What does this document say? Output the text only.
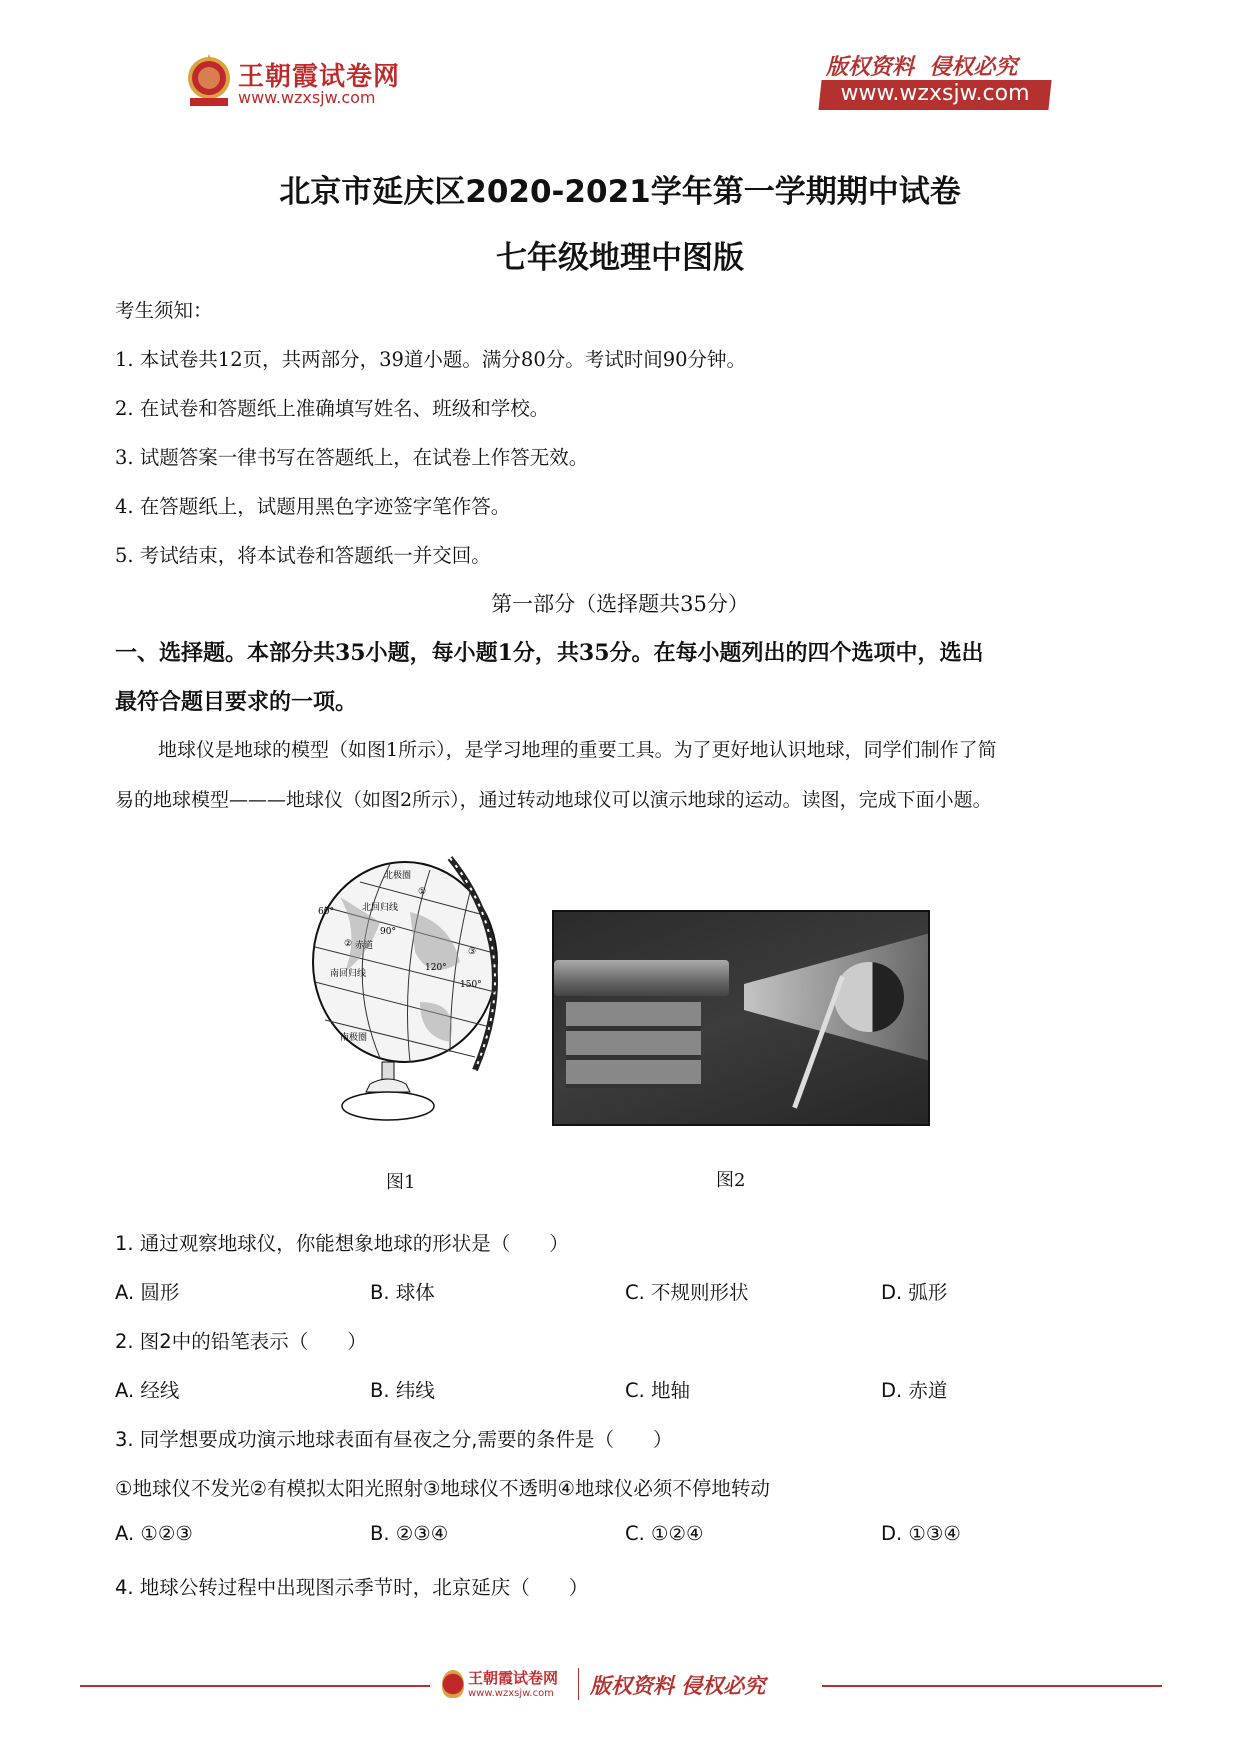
王朝霞试卷网
www.wzxsjw.com
版权资料  侵权必究
www.wzxsjw.com
北京市延庆区2020-2021学年第一学期期中试卷
七年级地理中图版
考生须知：
1. 本试卷共12页，共两部分，39道小题。满分80分。考试时间90分钟。
2. 在试卷和答题纸上准确填写姓名、班级和学校。
3. 试题答案一律书写在答题纸上，在试卷上作答无效。
4. 在答题纸上，试题用黑色字迹签字笔作答。
5. 考试结束，将本试卷和答题纸一并交回。
第一部分（选择题共35分）
一、选择题。本部分共35小题，每小题1分，共35分。在每小题列出的四个选项中，选出
最符合题目要求的一项。
地球仪是地球的模型（如图1所示），是学习地理的重要工具。为了更好地认识地球，同学们制作了简
易的地球模型———地球仪（如图2所示），通过转动地球仪可以演示地球的运动。读图，完成下面小题。
北极圈
北回归线
赤道
南回归线
南极圈
①
②
③
60°
90°
120°
150°
图1	图2
1. 通过观察地球仪，你能想象地球的形状是（　　）
A. 圆形	B. 球体	C. 不规则形状	D. 弧形
2. 图2中的铅笔表示（　　）
A. 经线	B. 纬线	C. 地轴	D. 赤道
3. 同学想要成功演示地球表面有昼夜之分,需要的条件是（　　）
①地球仪不发光②有模拟太阳光照射③地球仪不透明④地球仪必须不停地转动
A. ①②③	B. ②③④	C. ①②④	D. ①③④
4. 地球公转过程中出现图示季节时，北京延庆（　　）
王朝霞试卷网
www.wzxsjw.com 版权资料 侵权必究
